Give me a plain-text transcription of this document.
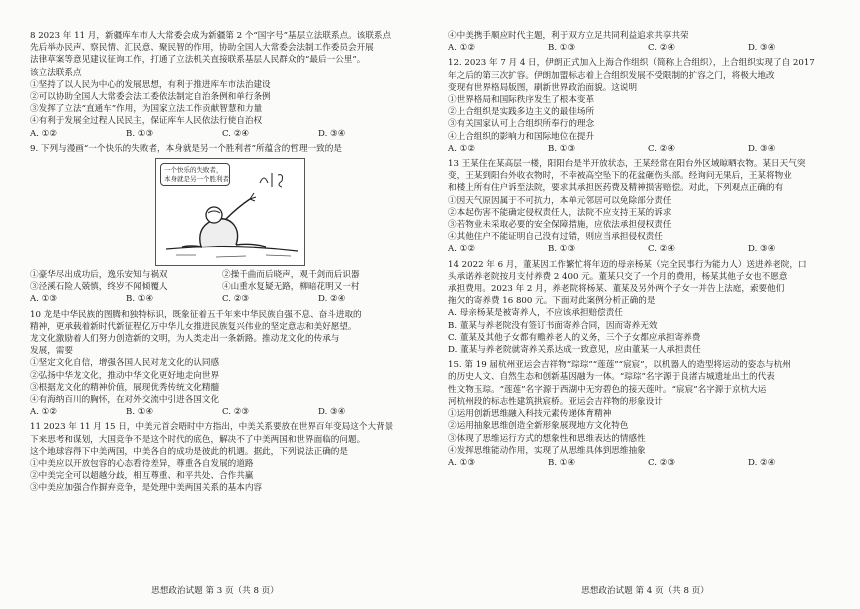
8 2023 年 11 月，新疆库车市人大常委会成为新疆第 2 个“国字号”基层立法联系点。该联系点
先后举办民声、察民情、汇民意、聚民智的作用，协助全国人大常委会法制工作委员会开展
法律草案等意见建议征询工作，打通了立法机关直接联系基层人民群众的“最后一公里”。
该立法联系点
①坚持了以人民为中心的发展思想，有利于推进库车市法治建设
②可以协助全国人大常委会法工委依法制定自治条例和单行条例
③发挥了立法“直通车”作用，为国家立法工作贡献智慧和力量
④有利于发展全过程人民民主，保证库车人民依法行使自治权
A. ①②	B. ①③	C. ②④	D. ③④
9. 下列与漫画“一个快乐的失败者，本身就是另一个胜利者”所蕴含的哲理一致的是
一个快乐的失败者，
本身就是另一个胜利者
①豪华尽出成功后，逸乐安知与祸双	②操千曲而后晓声，观千剑而后识器
③泾溪石险人兢慎，终岁不闻倾覆人	④山重水复疑无路，柳暗花明又一村
A. ①③	B. ①④	C. ②③	D. ②④
10 龙是中华民族的图腾和独特标识，既象征着五千年来中华民族自强不息、奋斗进取的
精神，更承载着新时代新征程亿万中华儿女推进民族复兴伟业的坚定意志和美好愿望。
龙文化激励着人们努力创造新的文明，为人类走出一条新路。推动龙文化的传承与
发展，需要
①坚定文化自信，增强各国人民对龙文化的认同感
②弘扬中华龙文化，推动中华文化更好地走向世界
③根据龙文化的精神价值，展现优秀传统文化精髓
④有海纳百川的胸怀，在对外交流中引进各国文化
A. ①②	B. ①④	C. ②③	D. ③④
11 2023 年 11 月 15 日，中美元首会晤时中方指出，中美关系要放在世界百年变局这个大背景
下来思考和谋划，大国竞争不是这个时代的底色，解决不了中美两国和世界面临的问题。
这个地球容得下中美两国，中美各自的成功是彼此的机遇。据此，下列说法正确的是
①中美应以开放包容的心态看待差异，尊重各自发展的道路
②中美完全可以超越分歧，相互尊重、和平共处、合作共赢
③中美应加强合作摒弃竞争，是处理中美两国关系的基本内容
思想政治试题 第 3 页（共 8 页）
④中美携手顺应时代主题，利于双方立足共同利益追求共享共荣
A. ①②	B. ①③	C. ②④	D. ③④
12. 2023 年 7 月 4 日，伊朗正式加入上海合作组织（简称上合组织），上合组织实现了自 2017
年之后的第三次扩容。伊朗加盟标志着上合组织发展不受限制的扩容之门，将极大地改
变现有世界格局版图，刷新世界政治面貌。这说明
①世界格局和国际秩序发生了根本变革
②上合组织是实践多边主义的最佳场所
③有关国家认可上合组织所奉行的理念
④上合组织的影响力和国际地位在提升
A. ①②	B. ①③	C. ②④	D. ③④
13 王某住在某高层一楼，阳阳台是半开放状态，王某经常在阳台外区域晾晒衣物。某日天气突
变，王某到阳台外收衣物时，不幸被高空坠下的花盆砸伤头部。经询问无果后，王某将物业
和楼上所有住户诉至法院，要求其承担医药费及精神损害赔偿。对此，下列观点正确的有
①因天气原因属于不可抗力，本单元邻居可以免除部分责任
②本起伤害不能确定侵权责任人，法院不应支持王某的诉求
③若物业未采取必要的安全保障措施，应依法承担侵权责任
④其他住户不能证明自己没有过错，则应当承担侵权责任
A. ①②	B. ①③	C. ②④	D. ③④
14 2022 年 6 月，董某因工作繁忙将年迈的母亲杨某（完全民事行为能力人）送进养老院，口
头承诺养老院按月支付养费 2 400 元。董某只交了一个月的费用，杨某其他子女也不愿意
承担费用。2023 年 2 月，养老院将杨某、董某及另外两个子女一并告上法庭，索要他们
拖欠的寄养费 16 800 元。下面对此案例分析正确的是
A. 母亲杨某是被寄养人，不应该承担赔偿责任
B. 董某与养老院没有签订书面寄养合同，因而寄养无效
C. 董某及其他子女都有赡养老人的义务，三个子女都应承担寄养费
D. 董某与养老院就寄养关系达成一致意见，应由董某一人承担责任
15. 第 19 届杭州亚运会吉祥物“琮琮”“莲莲”“宸宸”，以机器人的造型将运动的姿态与杭州
的历史人文、自然生态和创新基因融为一体。“琮琮”名字源于良渚古城遗址出土的代表
性文物玉琮。“莲莲”名字源于西湖中无穷碧色的接天莲叶。“宸宸”名字源于京杭大运
河杭州段的标志性建筑拱宸桥。亚运会吉祥物的形象设计
①运用创新思维融入科技元素传递体育精神
②运用抽象思维创造全新形象展现地方文化特色
③体现了思维运行方式的想象性和思维表达的情感性
④发挥思维能动作用，实现了从思维具体到思维抽象
A. ①③	B. ①④	C. ②③	D. ②④
思想政治试题 第 4 页（共 8 页）
